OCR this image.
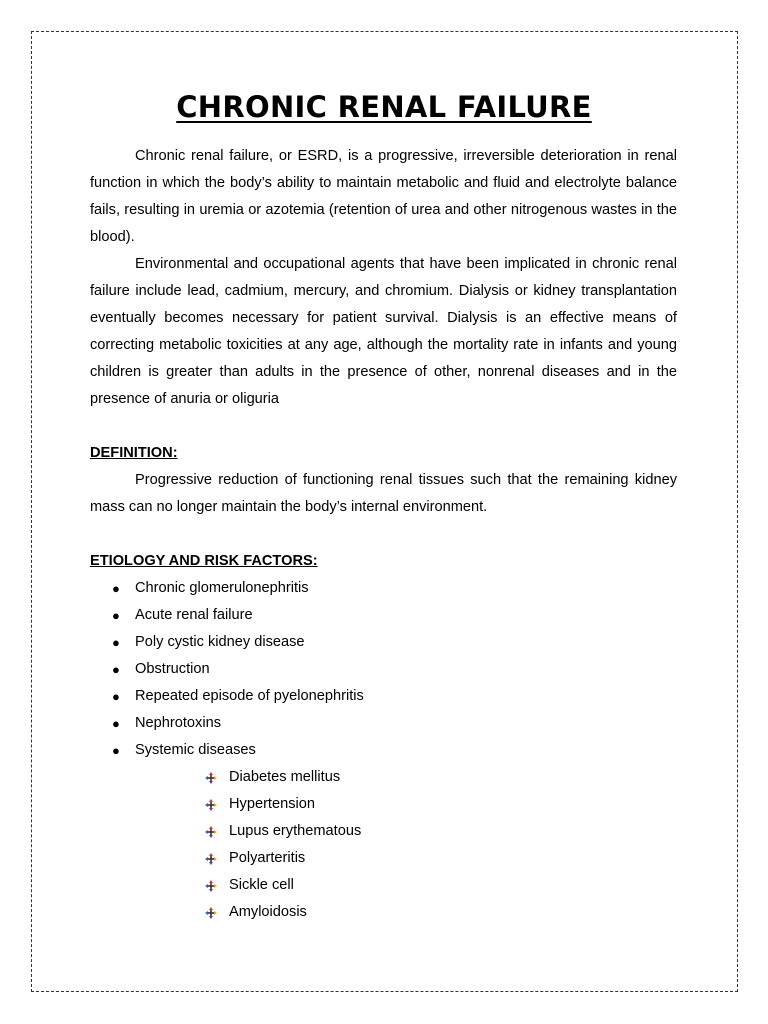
CHRONIC RENAL FAILURE

Chronic renal failure, or ESRD, is a progressive, irreversible deterioration in renal function in which the body’s ability to maintain metabolic and fluid and electrolyte balance fails, resulting in uremia or azotemia (retention of urea and other nitrogenous wastes in the blood).

Environmental and occupational agents that have been implicated in chronic renal failure include lead, cadmium, mercury, and chromium. Dialysis or kidney transplantation eventually becomes necessary for patient survival. Dialysis is an effective means of correcting metabolic toxicities at any age, although the mortality rate in infants and young children is greater than adults in the presence of other, nonrenal diseases and in the presence of anuria or oliguria

DEFINITION:

Progressive reduction of functioning renal tissues such that the remaining kidney mass can no longer maintain the body’s internal environment.

ETIOLOGY AND RISK FACTORS:

● Chronic glomerulonephritis
● Acute renal failure
● Poly cystic kidney disease
● Obstruction
● Repeated episode of pyelonephritis
● Nephrotoxins
● Systemic diseases
Diabetes mellitus
Hypertension
Lupus erythematous
Polyarteritis
Sickle cell
Amyloidosis
